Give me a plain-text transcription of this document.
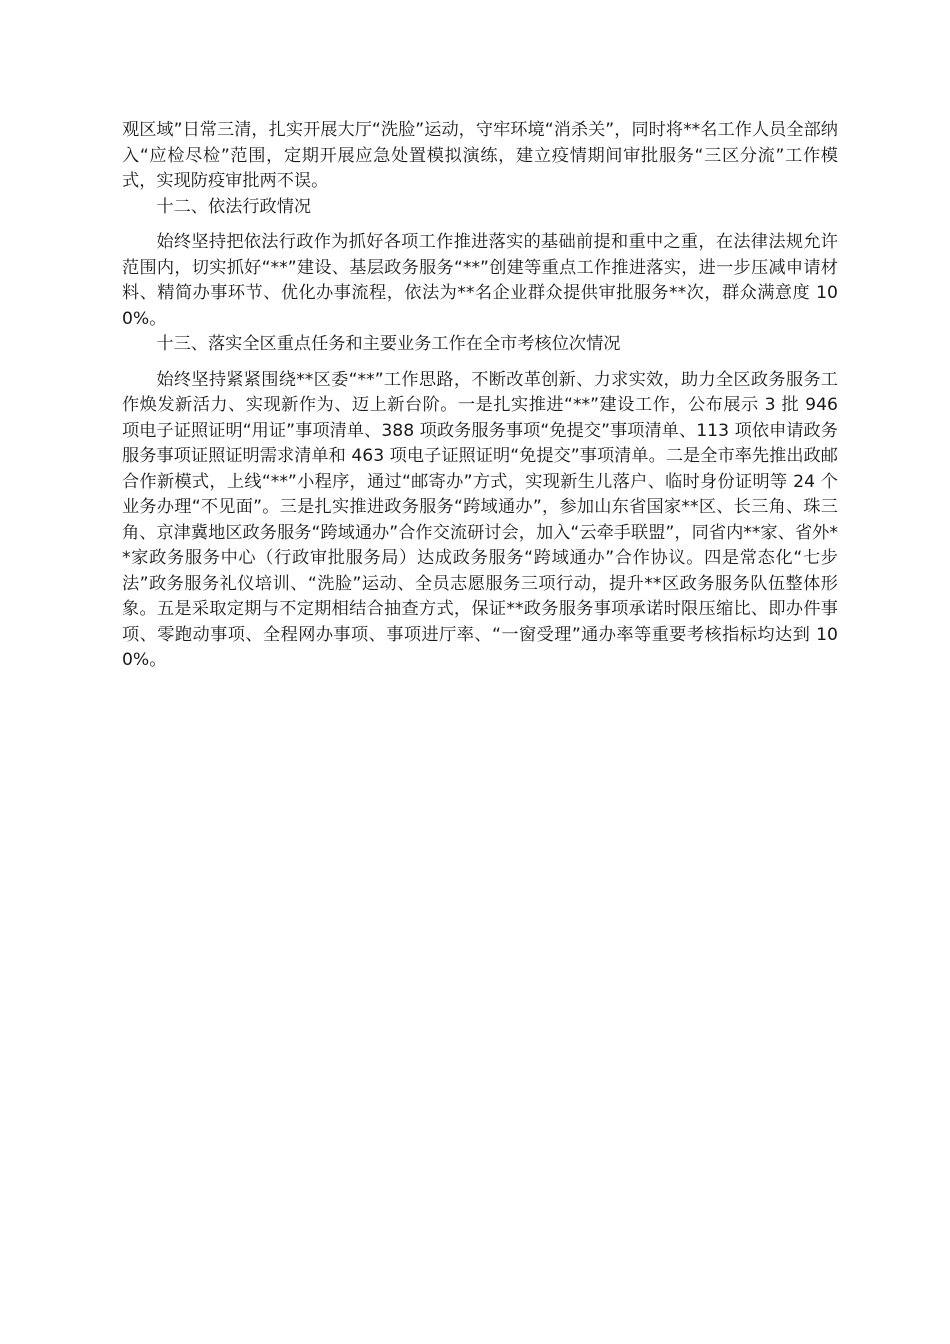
观区域”日常三清，扎实开展大厅“洗脸”运动，守牢环境“消杀关”，同时将**名工作人员全部纳入“应检尽检”范围，定期开展应急处置模拟演练，建立疫情期间审批服务“三区分流”工作模式，实现防疫审批两不误。

十二、依法行政情况

始终坚持把依法行政作为抓好各项工作推进落实的基础前提和重中之重，在法律法规允许范围内，切实抓好“**”建设、基层政务服务“**”创建等重点工作推进落实，进一步压减申请材料、精简办事环节、优化办事流程，依法为**名企业群众提供审批服务**次，群众满意度 100%。

十三、落实全区重点任务和主要业务工作在全市考核位次情况

始终坚持紧紧围绕**区委“**”工作思路，不断改革创新、力求实效，助力全区政务服务工作焕发新活力、实现新作为、迈上新台阶。一是扎实推进“**”建设工作，公布展示 3 批 946 项电子证照证明“用证”事项清单、388 项政务服务事项“免提交”事项清单、113 项依申请政务服务事项证照证明需求清单和 463 项电子证照证明“免提交”事项清单。二是全市率先推出政邮合作新模式，上线“**”小程序，通过“邮寄办”方式，实现新生儿落户、临时身份证明等 24 个业务办理“不见面”。三是扎实推进政务服务“跨域通办”，参加山东省国家**区、长三角、珠三角、京津冀地区政务服务“跨域通办”合作交流研讨会，加入“云牵手联盟”，同省内**家、省外**家政务服务中心（行政审批服务局）达成政务服务“跨域通办”合作协议。四是常态化“七步法”政务服务礼仪培训、“洗脸”运动、全员志愿服务三项行动，提升**区政务服务队伍整体形象。五是采取定期与不定期相结合抽查方式，保证**政务服务事项承诺时限压缩比、即办件事项、零跑动事项、全程网办事项、事项进厅率、“一窗受理”通办率等重要考核指标均达到 100%。
